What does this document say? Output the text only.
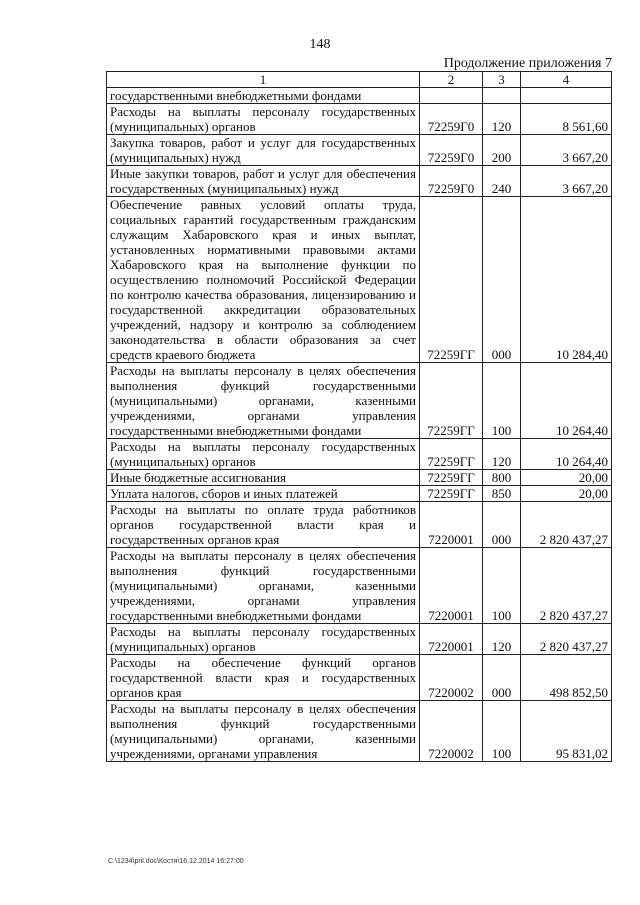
148
Продолжение приложения 7
1	2	3	4
государственными внебюджетными фондами			
Расходы на выплаты персоналу государственных (муниципальных) органов	72259Г0	120	8 561,60
Закупка товаров, работ и услуг для государственных (муниципальных) нужд	72259Г0	200	3 667,20
Иные закупки товаров, работ и услуг для обеспечения государственных (муниципальных) нужд	72259Г0	240	3 667,20
Обеспечение равных условий оплаты труда, социальных гарантий государственным гражданским служащим Хабаровского края и иных выплат, установленных нормативными правовыми актами Хабаровского края на выполнение функции по осуществлению полномочий Российской Федерации по контролю качества образования, лицензированию и государственной аккредитации образовательных учреждений, надзору и контролю за соблюдением законодательства в области образования за счет средств краевого бюджета	72259ГГ	000	10 284,40
Расходы на выплаты персоналу в целях обеспечения выполнения функций государственными (муниципальными) органами, казенными учреждениями, органами управления государственными внебюджетными фондами	72259ГГ	100	10 264,40
Расходы на выплаты персоналу государственных (муниципальных) органов	72259ГГ	120	10 264,40
Иные бюджетные ассигнования	72259ГГ	800	20,00
Уплата налогов, сборов и иных платежей	72259ГГ	850	20,00
Расходы на выплаты по оплате труда работников органов государственной власти края и государственных органов края	7220001	000	2 820 437,27
Расходы на выплаты персоналу в целях обеспечения выполнения функций государственными (муниципальными) органами, казенными учреждениями, органами управления государственными внебюджетными фондами	7220001	100	2 820 437,27
Расходы на выплаты персоналу государственных (муниципальных) органов	7220001	120	2 820 437,27
Расходы на обеспечение функций органов государственной власти края и государственных органов края	7220002	000	498 852,50
Расходы на выплаты персоналу в целях обеспечения выполнения функций государственными (муниципальными) органами, казенными учреждениями, органами управления	7220002	100	95 831,02
C:\1234\pril.doc\Костя\16.12.2014 16:27:00
